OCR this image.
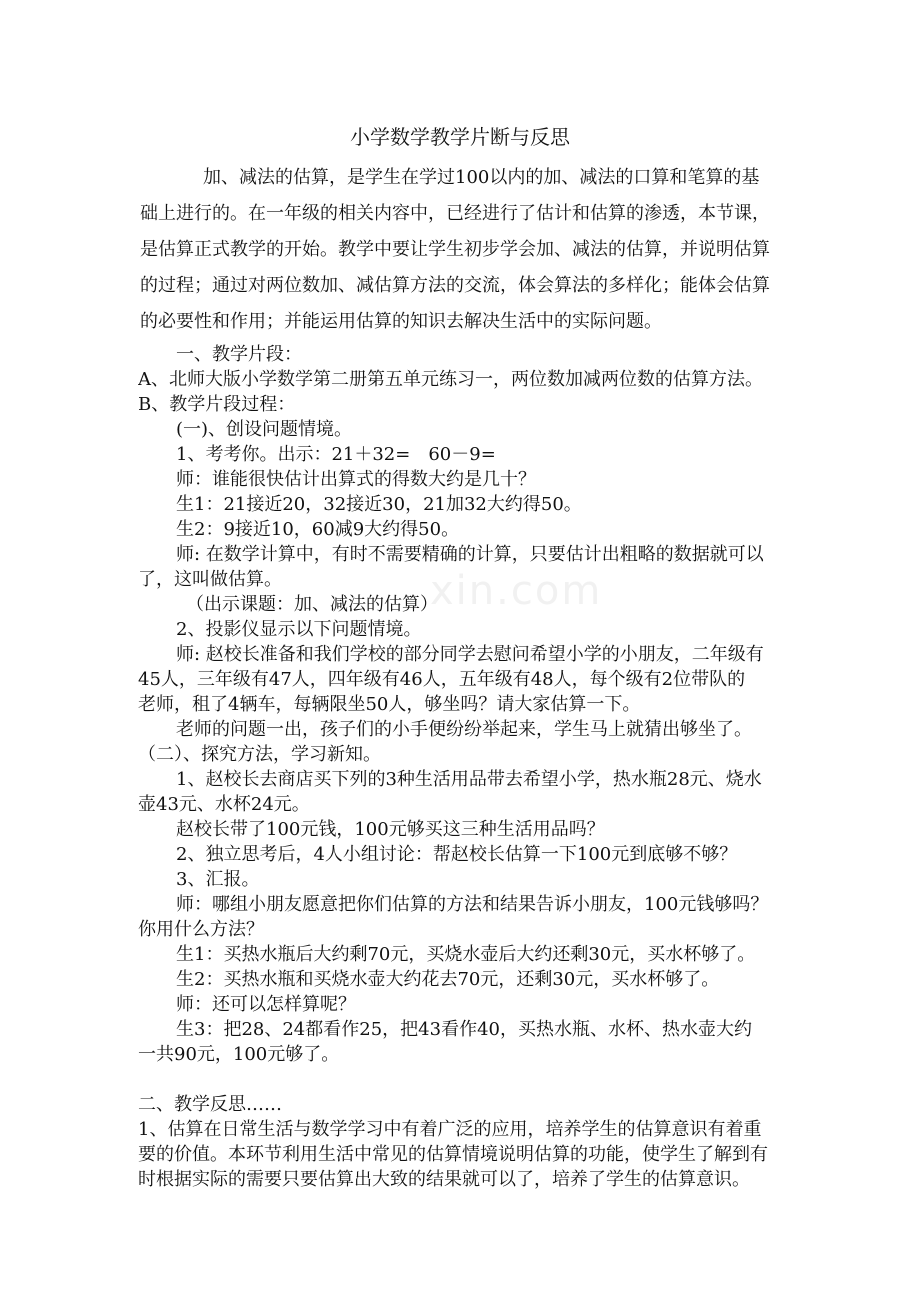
xin.com
小学数学教学片断与反思
加、减法的估算，是学生在学过100以内的加、减法的口算和笔算的基
础上进行的。在一年级的相关内容中，已经进行了估计和估算的渗透，本节课，
是估算正式教学的开始。教学中要让学生初步学会加、减法的估算，并说明估算
的过程；通过对两位数加、减估算方法的交流，体会算法的多样化；能体会估算
的必要性和作用；并能运用估算的知识去解决生活中的实际问题。
一、教学片段：
A、北师大版小学数学第二册第五单元练习一，两位数加减两位数的估算方法。
B、教学片段过程：
(一)、创设问题情境。
1、考考你。出示：21＋32=　60－9=
师：谁能很快估计出算式的得数大约是几十？
生1：21接近20，32接近30，21加32大约得50。
生2：9接近10，60减9大约得50。
师: 在数学计算中，有时不需要精确的计算，只要估计出粗略的数据就可以
了，这叫做估算。
（出示课题：加、减法的估算）
2、投影仪显示以下问题情境。
师: 赵校长准备和我们学校的部分同学去慰问希望小学的小朋友，二年级有
45人，三年级有47人，四年级有46人，五年级有48人，每个级有2位带队的
老师，租了4辆车，每辆限坐50人，够坐吗？请大家估算一下。
老师的问题一出，孩子们的小手便纷纷举起来，学生马上就猜出够坐了。
（二）、探究方法，学习新知。
1、赵校长去商店买下列的3种生活用品带去希望小学，热水瓶28元、烧水
壶43元、水杯24元。
赵校长带了100元钱，100元够买这三种生活用品吗？
2、独立思考后，4人小组讨论：帮赵校长估算一下100元到底够不够？
3、汇报。
师：哪组小朋友愿意把你们估算的方法和结果告诉小朋友，100元钱够吗？
你用什么方法？
生1：买热水瓶后大约剩70元，买烧水壶后大约还剩30元，买水杯够了。
生2：买热水瓶和买烧水壶大约花去70元，还剩30元，买水杯够了。
师：还可以怎样算呢？
生3：把28、24都看作25，把43看作40，买热水瓶、水杯、热水壶大约
一共90元，100元够了。
二、教学反思……
1、估算在日常生活与数学学习中有着广泛的应用，培养学生的估算意识有着重
要的价值。本环节利用生活中常见的估算情境说明估算的功能，使学生了解到有
时根据实际的需要只要估算出大致的结果就可以了，培养了学生的估算意识。
